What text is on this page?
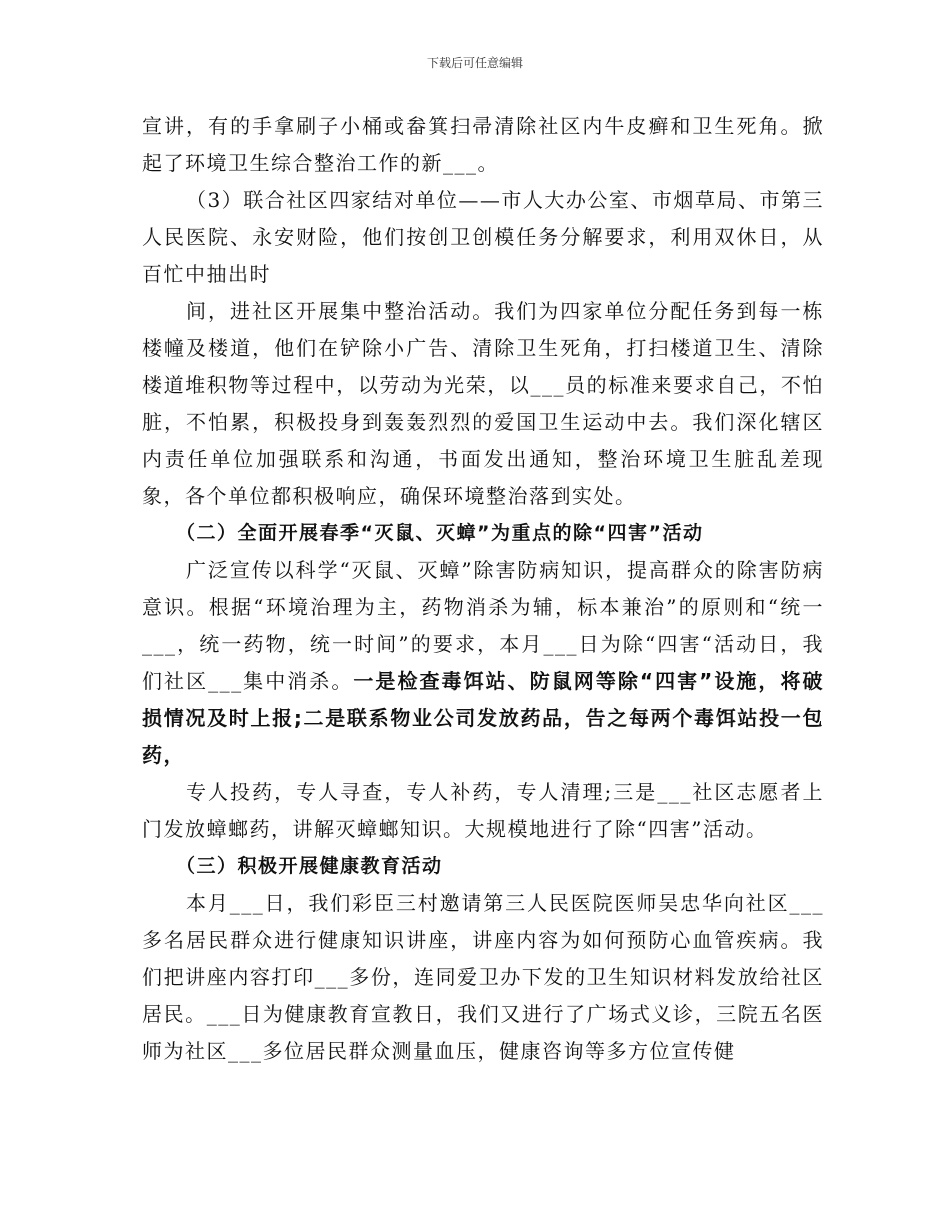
下载后可任意编辑

宣讲，有的手拿刷子小桶或畚箕扫帚清除社区内牛皮癣和卫生死角。掀起了环境卫生综合整治工作的新___。

（3）联合社区四家结对单位——市人大办公室、市烟草局、市第三人民医院、永安财险，他们按创卫创模任务分解要求，利用双休日，从百忙中抽出时

间，进社区开展集中整治活动。我们为四家单位分配任务到每一栋楼幢及楼道，他们在铲除小广告、清除卫生死角，打扫楼道卫生、清除楼道堆积物等过程中，以劳动为光荣，以___员的标准来要求自己，不怕脏，不怕累，积极投身到轰轰烈烈的爱国卫生运动中去。我们深化辖区内责任单位加强联系和沟通，书面发出通知，整治环境卫生脏乱差现象，各个单位都积极响应，确保环境整治落到实处。

（二）全面开展春季“灭鼠、灭蟑”为重点的除“四害”活动

广泛宣传以科学“灭鼠、灭蟑”除害防病知识，提高群众的除害防病意识。根据“环境治理为主，药物消杀为辅，标本兼治”的原则和“统一___，统一药物，统一时间”的要求，本月___日为除“四害“活动日，我们社区___集中消杀。一是检查毒饵站、防鼠网等除“四害”设施，将破损情况及时上报;二是联系物业公司发放药品，告之每两个毒饵站投一包药，

专人投药，专人寻查，专人补药，专人清理;三是___社区志愿者上门发放蟑螂药，讲解灭蟑螂知识。大规模地进行了除“四害”活动。

（三）积极开展健康教育活动

本月___日，我们彩臣三村邀请第三人民医院医师吴忠华向社区___多名居民群众进行健康知识讲座，讲座内容为如何预防心血管疾病。我们把讲座内容打印___多份，连同爱卫办下发的卫生知识材料发放给社区居民。___日为健康教育宣教日，我们又进行了广场式义诊，三院五名医师为社区___多位居民群众测量血压，健康咨询等多方位宣传健
